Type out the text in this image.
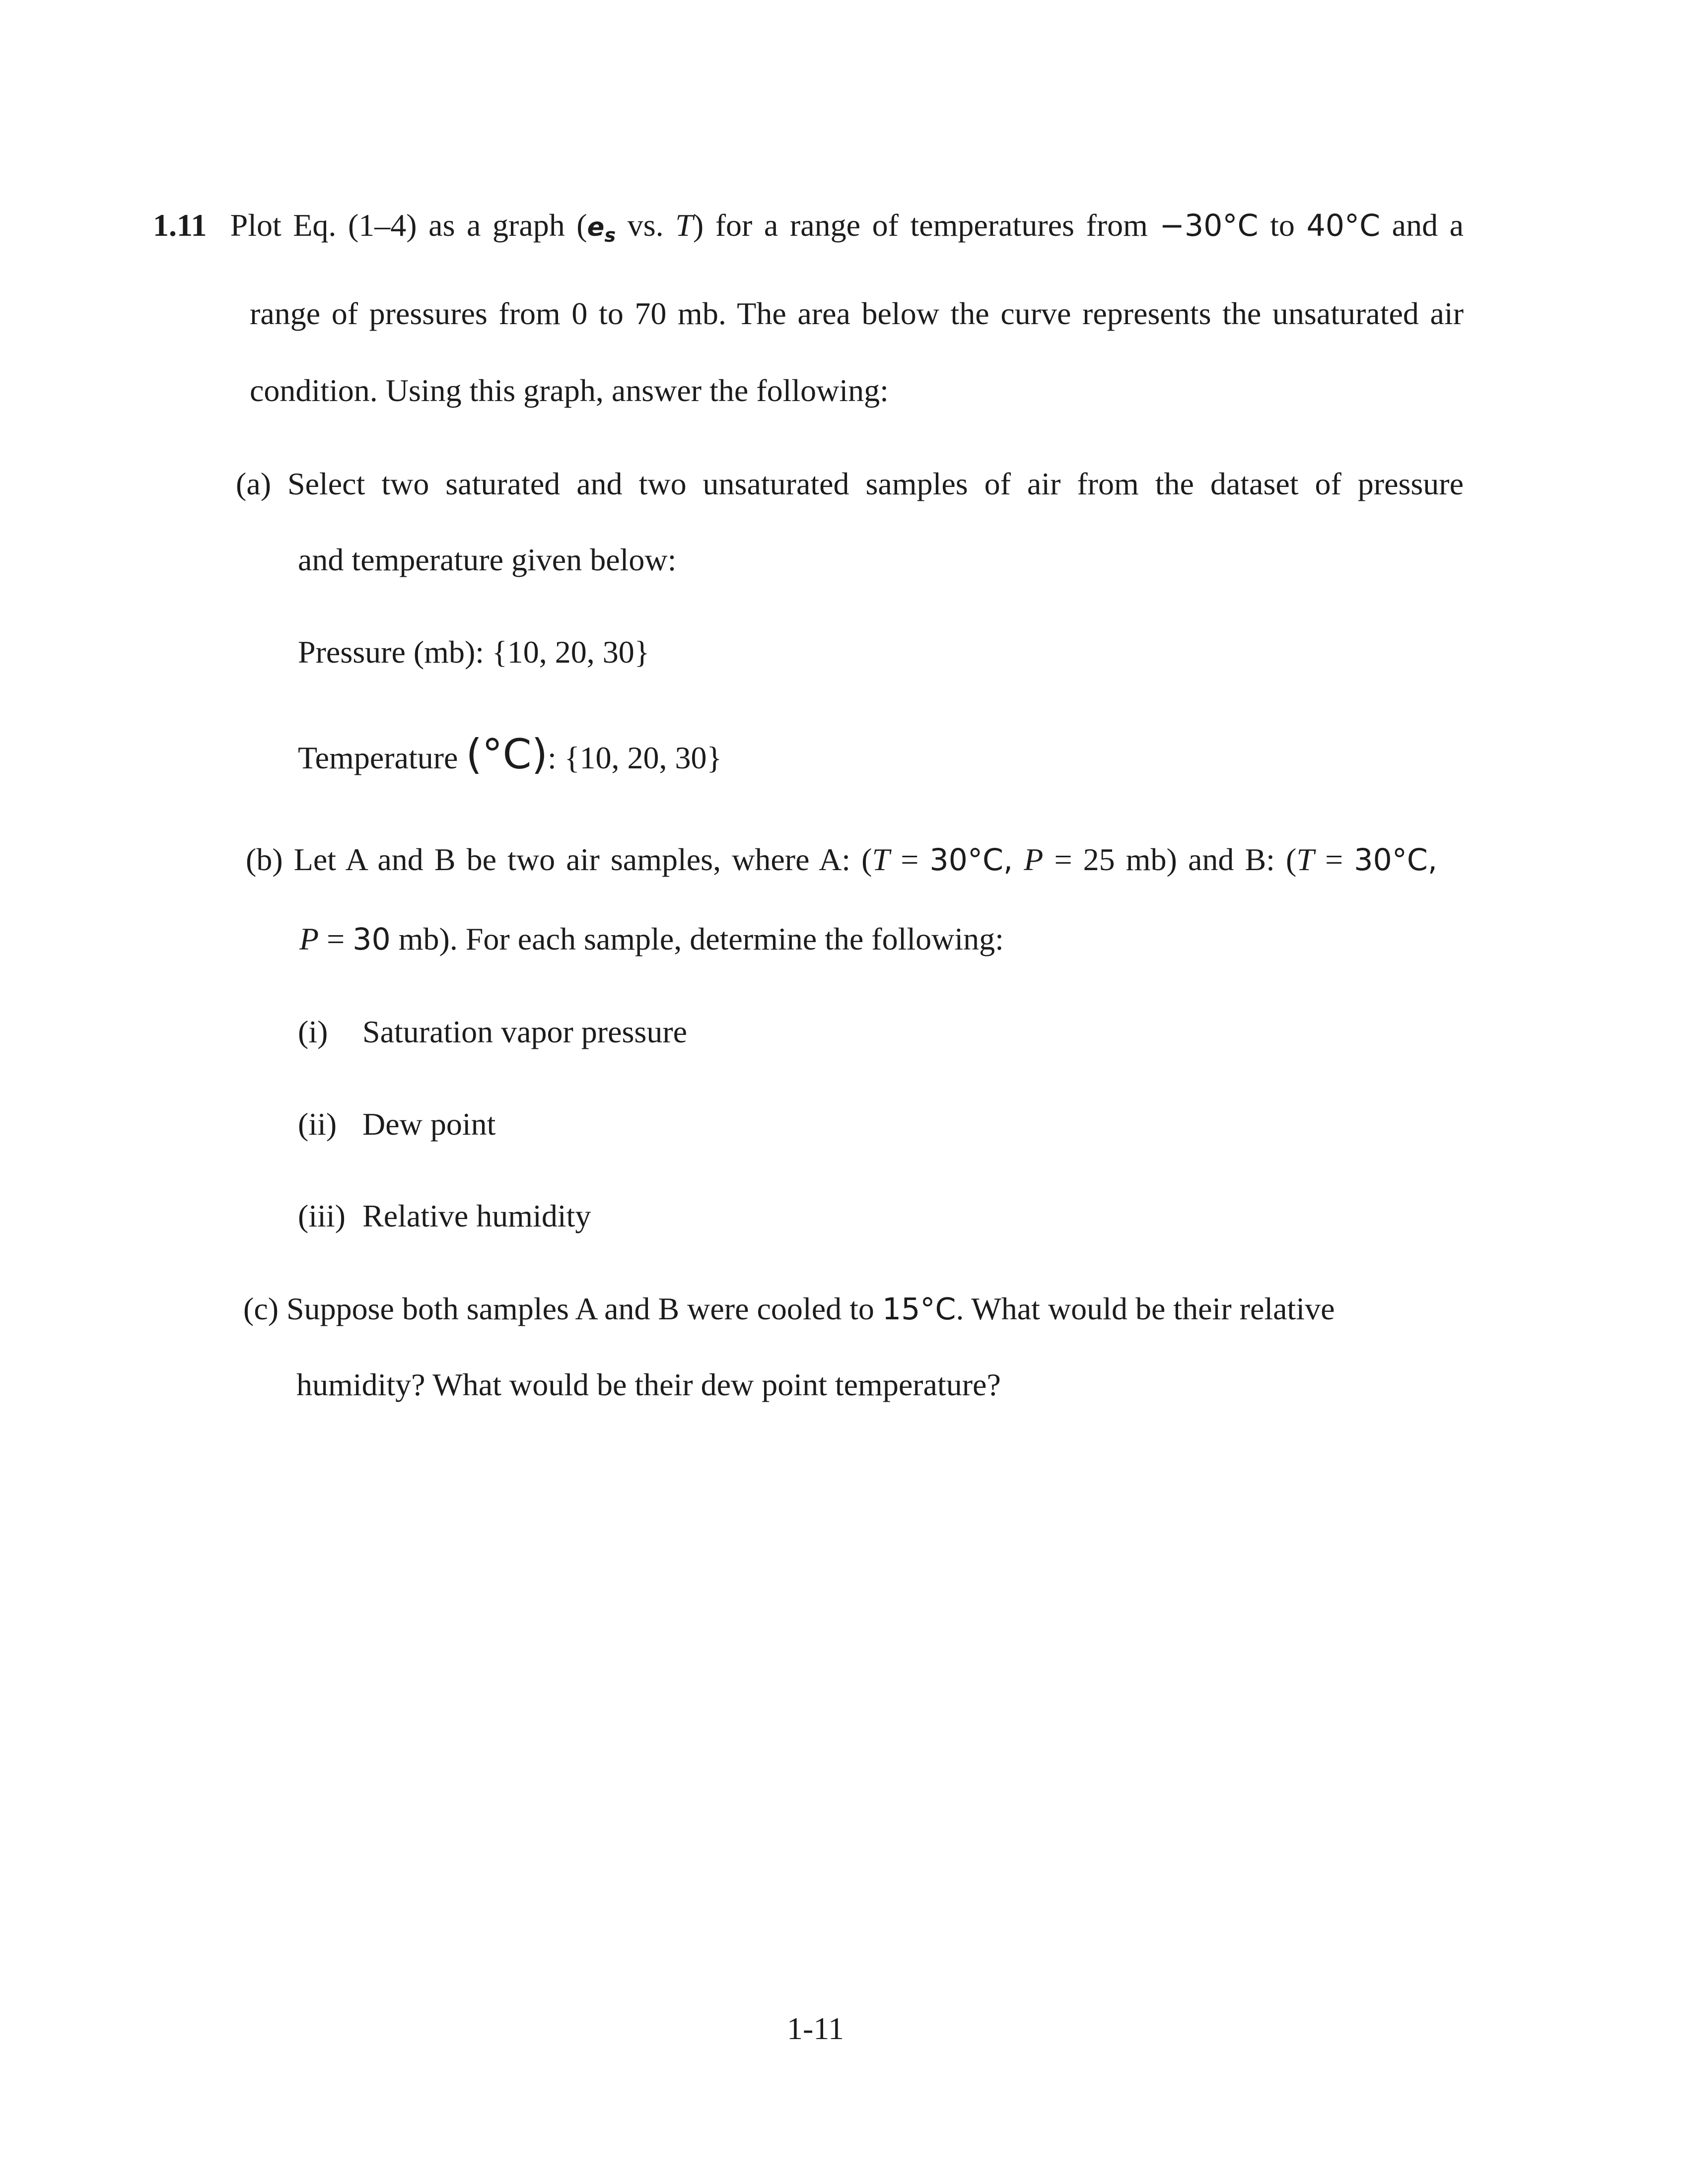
1.11 Plot Eq. (1–4) as a graph (es vs. T) for a range of temperatures from −30°C to 40°C and a
range of pressures from 0 to 70 mb. The area below the curve represents the unsaturated air
condition. Using this graph, answer the following:
(a) Select two saturated and two unsaturated samples of air from the dataset of pressure
and temperature given below:
Pressure (mb): {10, 20, 30}
Temperature (°C): {10, 20, 30}
(b) Let A and B be two air samples, where A: (T = 30°C, P = 25 mb) and B: (T = 30°C,
P = 30 mb). For each sample, determine the following:
(i) Saturation vapor pressure
(ii) Dew point
(iii) Relative humidity
(c) Suppose both samples A and B were cooled to 15°C. What would be their relative
humidity? What would be their dew point temperature?
1-11
